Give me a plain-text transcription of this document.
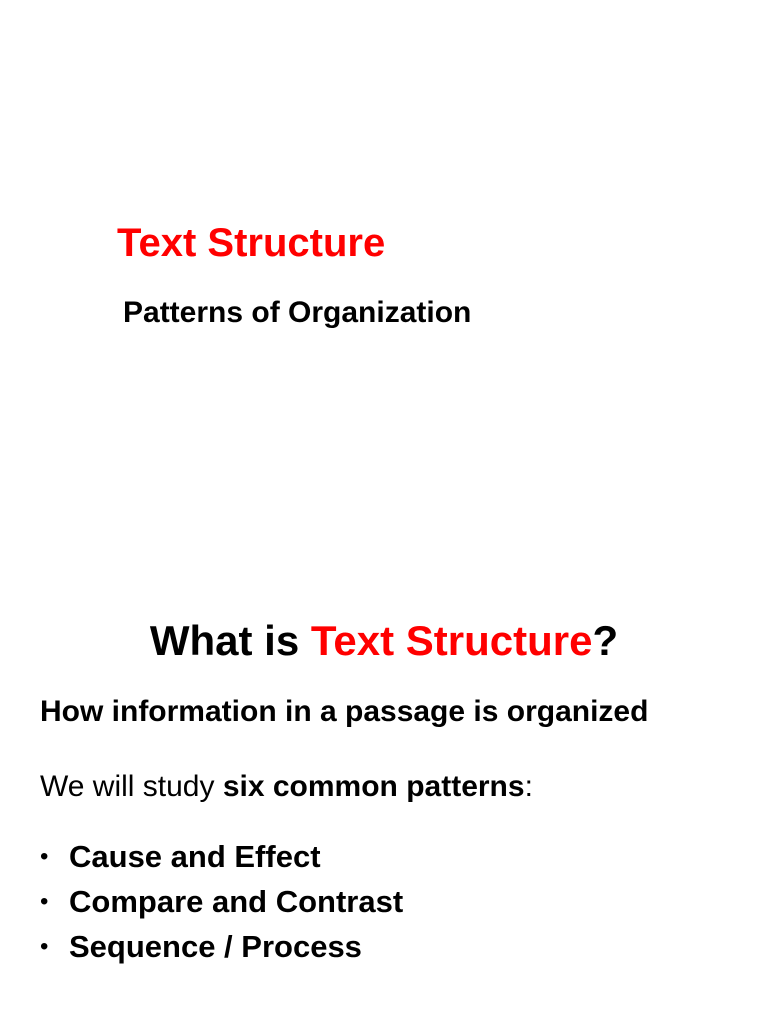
Text Structure

Patterns of Organization

What is Text Structure?

How information in a passage is organized

We will study six common patterns:

• Cause and Effect
• Compare and Contrast
• Sequence / Process
